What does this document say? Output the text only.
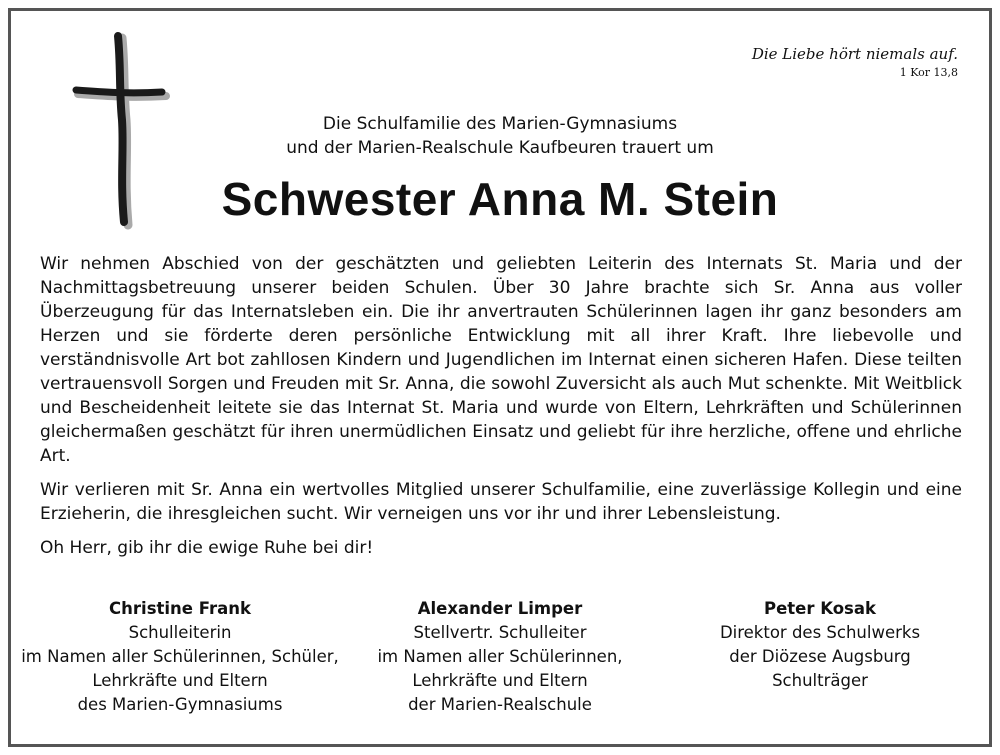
Die Liebe hört niemals auf.
1 Kor 13,8
Die Schulfamilie des Marien-Gymnasiums
und der Marien-Realschule Kaufbeuren trauert um
Schwester Anna M. Stein

Wir nehmen Abschied von der geschätzten und geliebten Leiterin des Internats St. Maria und der Nachmittagsbetreuung unserer beiden Schulen. Über 30 Jahre brachte sich Sr. Anna aus voller Überzeugung für das Internatsleben ein. Die ihr anvertrauten Schülerinnen lagen ihr ganz besonders am Herzen und sie förderte deren persönliche Entwicklung mit all ihrer Kraft. Ihre liebevolle und verständnisvolle Art bot zahllosen Kindern und Jugendlichen im Internat einen sicheren Hafen. Diese teilten vertrauensvoll Sorgen und Freuden mit Sr. Anna, die sowohl Zuversicht als auch Mut schenkte. Mit Weitblick und Bescheidenheit leitete sie das Internat St. Maria und wurde von Eltern, Lehrkräften und Schülerinnen gleichermaßen geschätzt für ihren unermüdlichen Einsatz und geliebt für ihre herzliche, offene und ehrliche Art.

Wir verlieren mit Sr. Anna ein wertvolles Mitglied unserer Schulfamilie, eine zuverlässige Kollegin und eine Erzieherin, die ihresgleichen sucht. Wir verneigen uns vor ihr und ihrer Lebensleistung.

Oh Herr, gib ihr die ewige Ruhe bei dir!

Christine Frank
Schulleiterin
im Namen aller Schülerinnen, Schüler,
Lehrkräfte und Eltern
des Marien-Gymnasiums
Alexander Limper
Stellvertr. Schulleiter
im Namen aller Schülerinnen,
Lehrkräfte und Eltern
der Marien-Realschule
Peter Kosak
Direktor des Schulwerks
der Diözese Augsburg
Schulträger
